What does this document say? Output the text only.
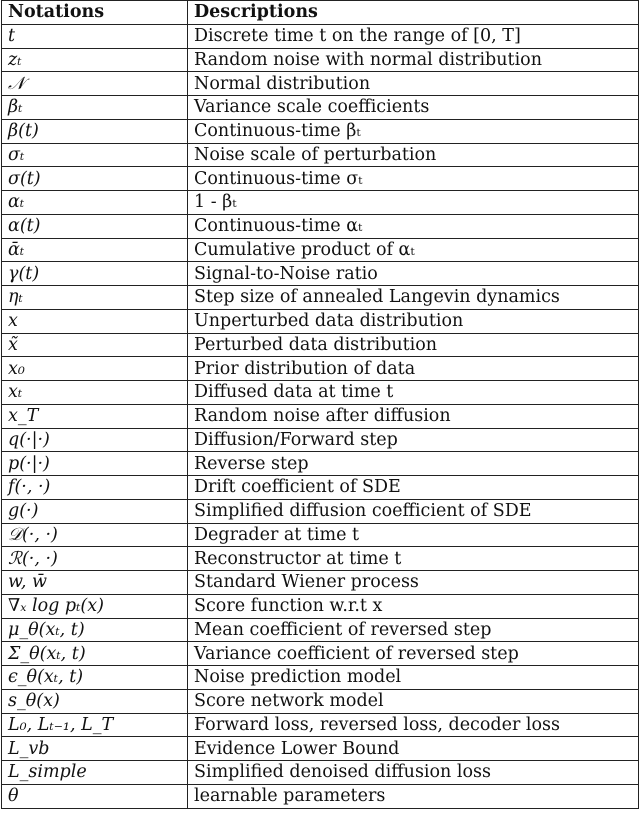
Notations	Descriptions
t	Discrete time t on the range of [0, T]
zₜ	Random noise with normal distribution
𝒩	Normal distribution
βₜ	Variance scale coefficients
β(t)	Continuous-time βₜ
σₜ	Noise scale of perturbation
σ(t)	Continuous-time σₜ
αₜ	1 - βₜ
α(t)	Continuous-time αₜ
ᾱₜ	Cumulative product of αₜ
γ(t)	Signal-to-Noise ratio
ηₜ	Step size of annealed Langevin dynamics
x	Unperturbed data distribution
x̃	Perturbed data distribution
x₀	Prior distribution of data
xₜ	Diffused data at time t
x_T	Random noise after diffusion
q(·|·)	Diffusion/Forward step
p(·|·)	Reverse step
f(·, ·)	Drift coefficient of SDE
g(·)	Simplified diffusion coefficient of SDE
𝒟(·, ·)	Degrader at time t
ℛ(·, ·)	Reconstructor at time t
w, w̄	Standard Wiener process
∇ₓ log pₜ(x)	Score function w.r.t x
μ_θ(xₜ, t)	Mean coefficient of reversed step
Σ_θ(xₜ, t)	Variance coefficient of reversed step
ϵ_θ(xₜ, t)	Noise prediction model
s_θ(x)	Score network model
L₀, Lₜ₋₁, L_T	Forward loss, reversed loss, decoder loss
L_vb	Evidence Lower Bound
L_simple	Simplified denoised diffusion loss
θ	learnable parameters
